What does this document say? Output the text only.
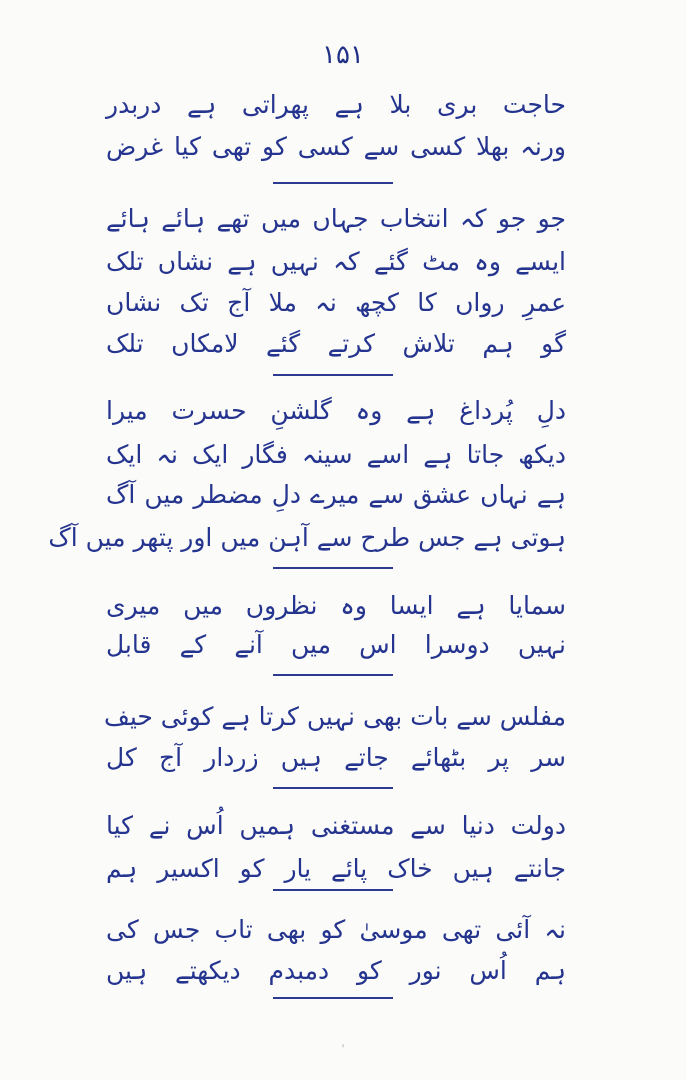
۱۵۱
حاجت بری بلا ہے پھراتی ہے دربدر
ورنہ بھلا کسی سے کسی کو تھی کیا غرض
جو جو کہ انتخاب جہاں میں تھے ہائے ہائے
ایسے وہ مٹ گئے کہ نہیں ہے نشاں تلک
عمرِ رواں کا کچھ نہ ملا آج تک نشاں
گو ہم تلاش کرتے گئے لامکاں تلک
دلِ پُرداغ ہے وہ گلشنِ حسرت میرا
دیکھ جاتا ہے اسے سینہ فگار ایک نہ ایک
ہے نہاں عشق سے میرے دلِ مضطر میں آگ
ہوتی ہے جس طرح سے آہن میں اور پتھر میں آگ
سمایا ہے ایسا وہ نظروں میں میری
نہیں دوسرا اس میں آنے کے قابل
مفلس سے بات بھی نہیں کرتا ہے کوئی حیف
سر پر بٹھائے جاتے ہیں زردار آج کل
دولت دنیا سے مستغنی ہمیں اُس نے کیا
جانتے ہیں خاک پائے یار کو اکسیر ہم
نہ آئی تھی موسیٰ کو بھی تاب جس کی
ہم اُس نور کو دمبدم دیکھتے ہیں
'
